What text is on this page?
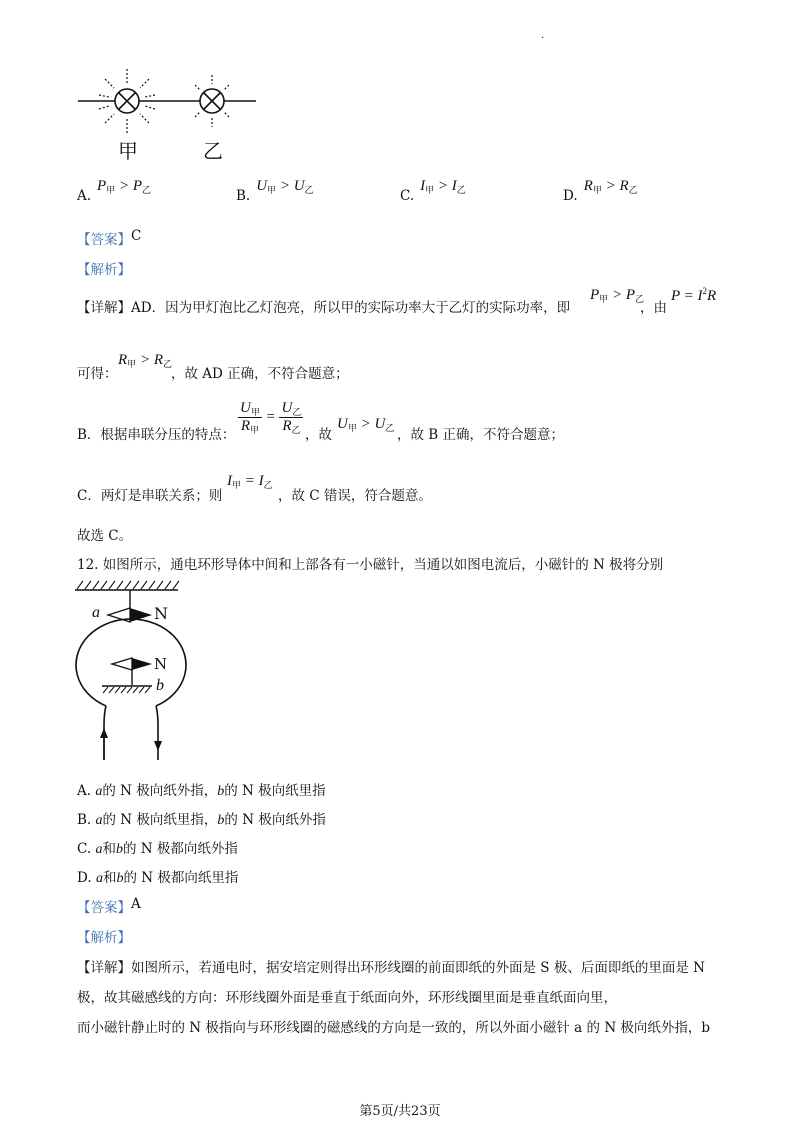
.
甲	乙
$A.P_甲 > P_乙$	$B.U_甲 > U_乙$	$C.I_甲 > I_乙$	$D.R_甲 > R_乙$
【答案】 C
【解析】
【详解】AD．因为甲灯泡比乙灯泡亮，所以甲的实际功率大于乙灯的实际功率，即
$P_甲 > P_乙$
，由
$P = I^2R$
可得：
$R_甲 > R_乙$
，故 AD 正确，不符合题意；
B．根据串联分压的特点： $\frac{U_甲}{R_甲} = \frac{U_乙}{R_乙}$ ，故
$U_甲 > U_乙$ ，故 B 正确，不符合题意；
C．两灯是串联关系；则
$I_甲 = I_乙$
，故 C 错误，符合题意。
故选 C。
12. 如图所示，通电环形导体中间和上部各有一小磁针，当通以如图电流后，小磁针的 N 极将分别
a	N
N
b
A. a的 N 极向纸外指，b的 N 极向纸里指
B. a的 N 极向纸里指，b的 N 极向纸外指
C. a和b的 N 极都向纸外指
D. a和b的 N 极都向纸里指
【答案】 A
【解析】
【详解】如图所示，若通电时，据安培定则得出环形线圈的前面即纸的外面是 S 极、后面即纸的里面是 N
极，故其磁感线的方向：环形线圈外面是垂直于纸面向外，环形线圈里面是垂直纸面向里，
而小磁针静止时的 N 极指向与环形线圈的磁感线的方向是一致的，所以外面小磁针 a 的 N 极向纸外指，b
第5页/共23页
